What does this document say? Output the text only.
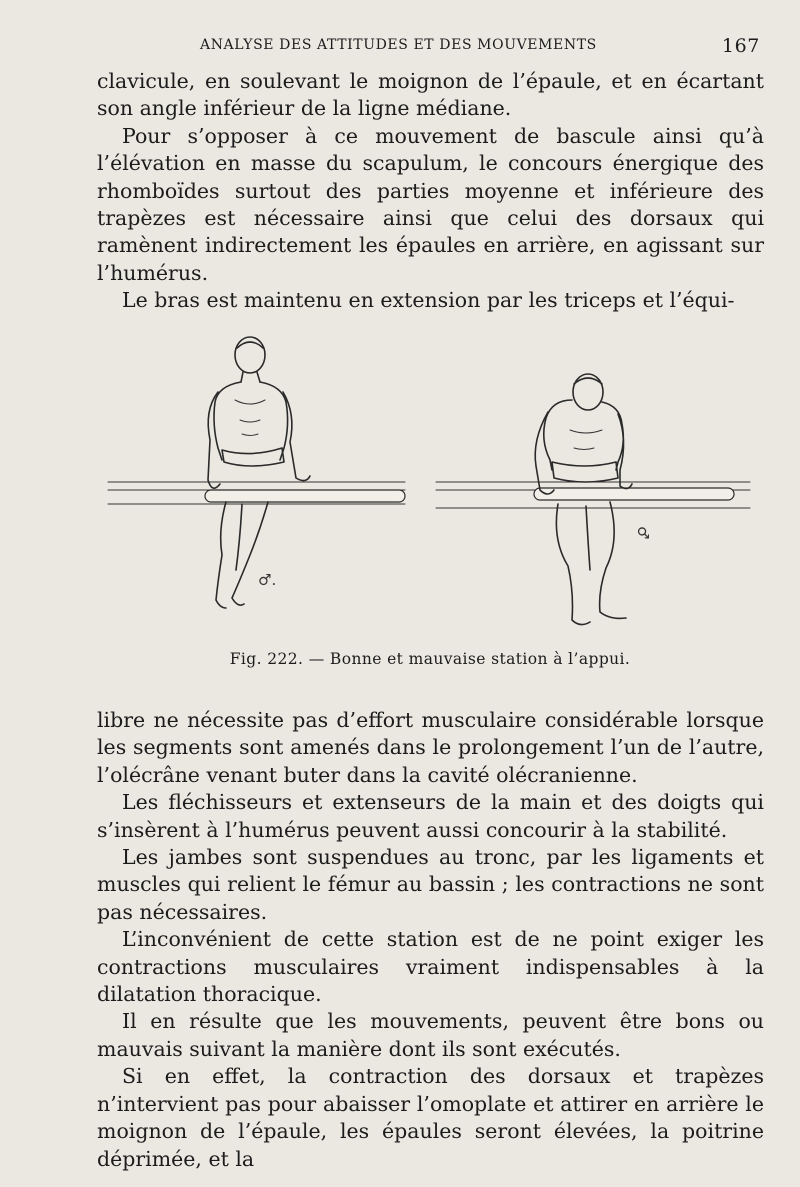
ANALYSE DES ATTITUDES ET DES MOUVEMENTS	167

clavicule, en soulevant le moignon de l’épaule, et en écartant son angle inférieur de la ligne médiane.

Pour s’opposer à ce mouvement de bascule ainsi qu’à l’élévation en masse du scapulum, le concours énergique des rhomboïdes surtout des parties moyenne et inférieure des trapèzes est nécessaire ainsi que celui des dorsaux qui ramènent indirectement les épaules en arrière, en agissant sur l’humérus.

Le bras est maintenu en extension par les triceps et l’équi-

♂.
♂
Fig. 222. — Bonne et mauvaise station à l’appui.

libre ne nécessite pas d’effort musculaire considérable lorsque les segments sont amenés dans le prolongement l’un de l’autre, l’olécrâne venant buter dans la cavité olécranienne.

Les fléchisseurs et extenseurs de la main et des doigts qui s’insèrent à l’humérus peuvent aussi concourir à la stabilité.

Les jambes sont suspendues au tronc, par les ligaments et muscles qui relient le fémur au bassin ; les contractions ne sont pas nécessaires.

L’inconvénient de cette station est de ne point exiger les contractions musculaires vraiment indispensables à la dilatation thoracique.

Il en résulte que les mouvements, peuvent être bons ou mauvais suivant la manière dont ils sont exécutés.

Si en effet, la contraction des dorsaux et trapèzes n’intervient pas pour abaisser l’omoplate et attirer en arrière le moignon de l’épaule, les épaules seront élevées, la poitrine déprimée, et la
